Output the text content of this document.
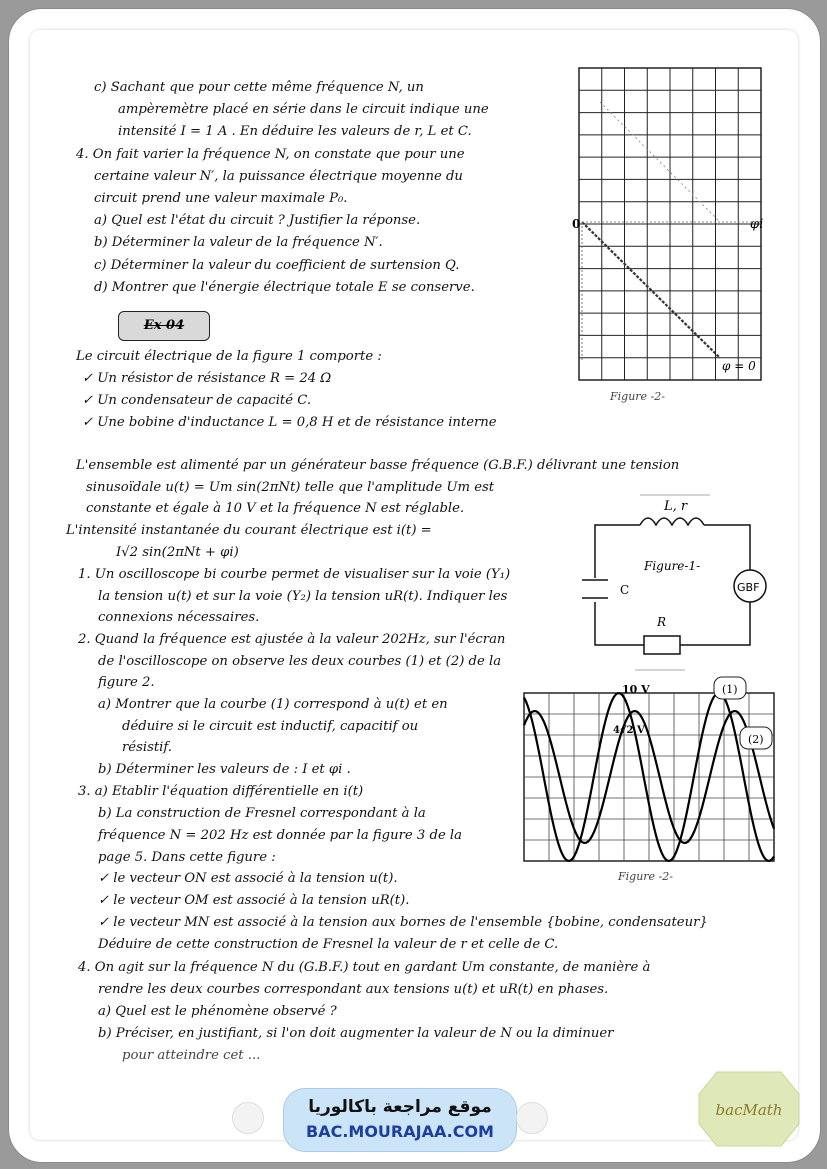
c) Sachant que pour cette même fréquence N, un
ampèremètre placé en série dans le circuit indique une
intensité I = 1 A . En déduire les valeurs de r, L et C.
4. On fait varier la fréquence N, on constate que pour une
certaine valeur N′, la puissance électrique moyenne du
circuit prend une valeur maximale P₀.
a) Quel est l'état du circuit ? Justifier la réponse.
b) Déterminer la valeur de la fréquence N′.
c) Déterminer la valeur du coefficient de surtension Q.
d) Montrer que l'énergie électrique totale E se conserve.
Ex 04
Le circuit électrique de la figure 1 comporte :
✓ Un résistor de résistance R = 24 Ω
✓ Un condensateur de capacité C.
✓ Une bobine d'inductance L = 0,8 H et de résistance interne
L'ensemble est alimenté par un générateur basse fréquence (G.B.F.) délivrant une tension
sinusoïdale u(t) = Um sin(2πNt) telle que l'amplitude Um est
constante et égale à 10 V et la fréquence N est réglable.
L'intensité instantanée du courant électrique est i(t) =
I√2 sin(2πNt + φi)
1. Un oscilloscope bi courbe permet de visualiser sur la voie (Y₁)
la tension u(t) et sur la voie (Y₂) la tension uR(t). Indiquer les
connexions nécessaires.
2. Quand la fréquence est ajustée à la valeur 202Hz, sur l'écran
de l'oscilloscope on observe les deux courbes (1) et (2) de la
figure 2.
a) Montrer que la courbe (1) correspond à u(t) et en
déduire si le circuit est inductif, capacitif ou
résistif.
b) Déterminer les valeurs de : I et φi .
3. a) Etablir l'équation différentielle en i(t)
b) La construction de Fresnel correspondant à la
fréquence N = 202 Hz est donnée par la figure 3 de la
page 5. Dans cette figure :
✓ le vecteur ON est associé à la tension u(t).
✓ le vecteur OM est associé à la tension uR(t).
✓ le vecteur MN est associé à la tension aux bornes de l'ensemble {bobine, condensateur}
Déduire de cette construction de Fresnel la valeur de r et celle de C.
4. On agit sur la fréquence N du (G.B.F.) tout en gardant Um constante, de manière à
rendre les deux courbes correspondant aux tensions u(t) et uR(t) en phases.
a) Quel est le phénomène observé ?
b) Préciser, en justifiant, si l'on doit augmenter la valeur de N ou la diminuer
pour atteindre cet ...
0	φi
φ = 0
Figure -2-
L, r
Figure-1-
C	GBF
R
10 V
4√2 V
(1)
(2)
Figure -2-
موقع مراجعة باكالوريا
BAC.MOURAJAA.COM
bacMath
